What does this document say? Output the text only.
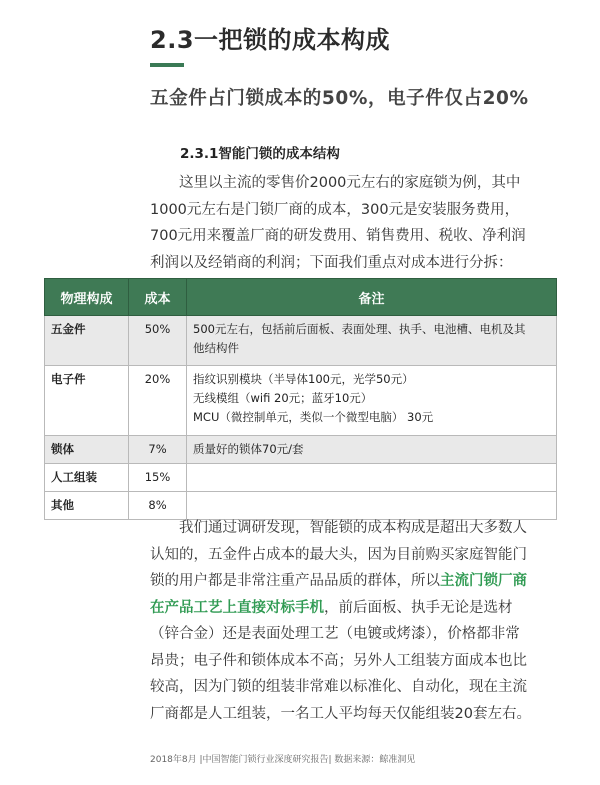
2.3一把锁的成本构成
五金件占门锁成本的50%，电子件仅占20%
2.3.1智能门锁的成本结构
这里以主流的零售价2000元左右的家庭锁为例，其中
1000元左右是门锁厂商的成本，300元是安装服务费用，
700元用来覆盖厂商的研发费用、销售费用、税收、净利润
利润以及经销商的利润；下面我们重点对成本进行分拆：
物理构成	成本	备注
五金件	50%	500元左右，包括前后面板、表面处理、执手、电池槽、电机及其
他结构件

电子件	20%	指纹识别模块（半导体100元，光学50元）
无线模组（wifi 20元；蓝牙10元）
MCU（微控制单元，类似一个微型电脑） 30元

锁体	7%	质量好的锁体70元/套
人工组装	15%	
其他	8%	
我们通过调研发现，智能锁的成本构成是超出大多数人
认知的，五金件占成本的最大头，因为目前购买家庭智能门
锁的用户都是非常注重产品品质的群体，所以主流门锁厂商
在产品工艺上直接对标手机，前后面板、执手无论是选材
（锌合金）还是表面处理工艺（电镀或烤漆），价格都非常
昂贵；电子件和锁体成本不高；另外人工组装方面成本也比
较高，因为门锁的组装非常难以标准化、自动化，现在主流
厂商都是人工组装，一名工人平均每天仅能组装20套左右。
2018年8月 |中国智能门锁行业深度研究报告| 数据来源：鲸准洞见
